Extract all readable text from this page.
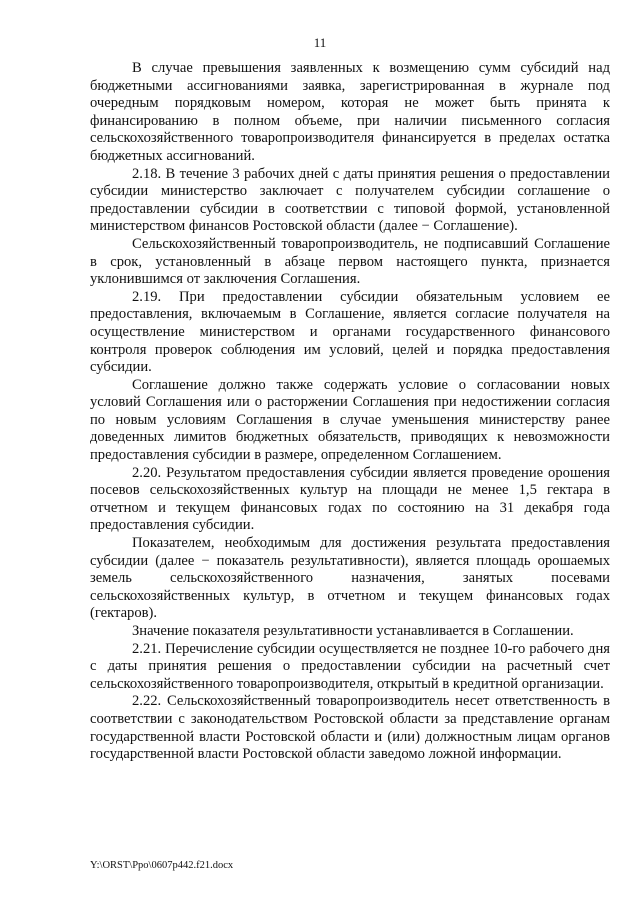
11

В случае превышения заявленных к возмещению сумм субсидий над бюджетными ассигнованиями заявка, зарегистрированная в журнале под очередным порядковым номером, которая не может быть принята к финансированию в полном объеме, при наличии письменного согласия сельскохозяйственного товаропроизводителя финансируется в пределах остатка бюджетных ассигнований.

2.18. В течение 3 рабочих дней с даты принятия решения о предоставлении субсидии министерство заключает с получателем субсидии соглашение о предоставлении субсидии в соответствии с типовой формой, установленной министерством финансов Ростовской области (далее − Соглашение).

Сельскохозяйственный товаропроизводитель, не подписавший Соглашение в срок, установленный в абзаце первом настоящего пункта, признается уклонившимся от заключения Соглашения.

2.19. При предоставлении субсидии обязательным условием ее предоставления, включаемым в Соглашение, является согласие получателя на осуществление министерством и органами государственного финансового контроля проверок соблюдения им условий, целей и порядка предоставления субсидии.

Соглашение должно также содержать условие о согласовании новых условий Соглашения или о расторжении Соглашения при недостижении согласия по новым условиям Соглашения в случае уменьшения министерству ранее доведенных лимитов бюджетных обязательств, приводящих к невозможности предоставления субсидии в размере, определенном Соглашением.

2.20. Результатом предоставления субсидии является проведение орошения посевов сельскохозяйственных культур на площади не менее 1,5 гектара в отчетном и текущем финансовых годах по состоянию на 31 декабря года предоставления субсидии.

Показателем, необходимым для достижения результата предоставления субсидии (далее − показатель результативности), является площадь орошаемых земель сельскохозяйственного назначения, занятых посевами сельскохозяйственных культур, в отчетном и текущем финансовых годах (гектаров).

Значение показателя результативности устанавливается в Соглашении.

2.21. Перечисление субсидии осуществляется не позднее 10-го рабочего дня с даты принятия решения о предоставлении субсидии на расчетный счет сельскохозяйственного товаропроизводителя, открытый в кредитной организации.

2.22. Сельскохозяйственный товаропроизводитель несет ответственность в соответствии с законодательством Ростовской области за представление органам государственной власти Ростовской области и (или) должностным лицам органов государственной власти Ростовской области заведомо ложной информации.

Y:\ORST\Ppo\0607p442.f21.docx
